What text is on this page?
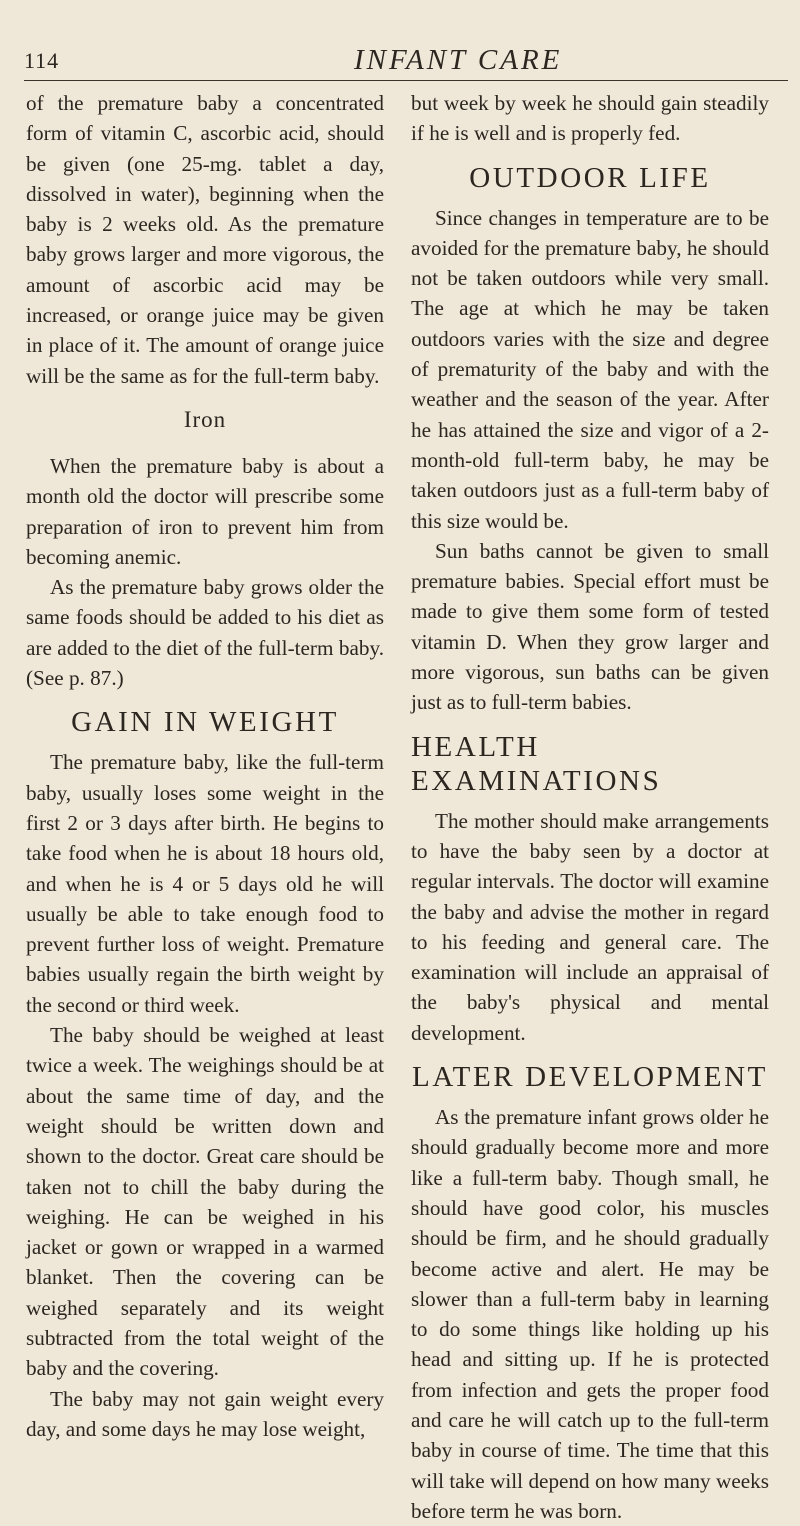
114	INFANT CARE

of the premature baby a concentrated form of vitamin C, ascorbic acid, should be given (one 25-mg. tablet a day, dissolved in water), beginning when the baby is 2 weeks old. As the premature baby grows larger and more vigorous, the amount of ascorbic acid may be increased, or orange juice may be given in place of it. The amount of orange juice will be the same as for the full-term baby.

Iron

When the premature baby is about a month old the doctor will prescribe some preparation of iron to prevent him from becoming anemic.

As the premature baby grows older the same foods should be added to his diet as are added to the diet of the full-term baby. (See p. 87.)

GAIN IN WEIGHT

The premature baby, like the full-term baby, usually loses some weight in the first 2 or 3 days after birth. He begins to take food when he is about 18 hours old, and when he is 4 or 5 days old he will usually be able to take enough food to prevent further loss of weight. Premature babies usually regain the birth weight by the second or third week.

The baby should be weighed at least twice a week. The weighings should be at about the same time of day, and the weight should be written down and shown to the doctor. Great care should be taken not to chill the baby during the weighing. He can be weighed in his jacket or gown or wrapped in a warmed blanket. Then the covering can be weighed separately and its weight subtracted from the total weight of the baby and the covering.

The baby may not gain weight every day, and some days he may lose weight,

but week by week he should gain steadily if he is well and is properly fed.

OUTDOOR LIFE

Since changes in temperature are to be avoided for the premature baby, he should not be taken outdoors while very small. The age at which he may be taken outdoors varies with the size and degree of prematurity of the baby and with the weather and the season of the year. After he has attained the size and vigor of a 2-month-old full-term baby, he may be taken outdoors just as a full-term baby of this size would be.

Sun baths cannot be given to small premature babies. Special effort must be made to give them some form of tested vitamin D. When they grow larger and more vigorous, sun baths can be given just as to full-term babies.

HEALTH EXAMINATIONS

The mother should make arrangements to have the baby seen by a doctor at regular intervals. The doctor will examine the baby and advise the mother in regard to his feeding and general care. The examination will include an appraisal of the baby's physical and mental development.

LATER DEVELOPMENT

As the premature infant grows older he should gradually become more and more like a full-term baby. Though small, he should have good color, his muscles should be firm, and he should gradually become active and alert. He may be slower than a full-term baby in learning to do some things like holding up his head and sitting up. If he is protected from infection and gets the proper food and care he will catch up to the full-term baby in course of time. The time that this will take will depend on how many weeks before term he was born.
